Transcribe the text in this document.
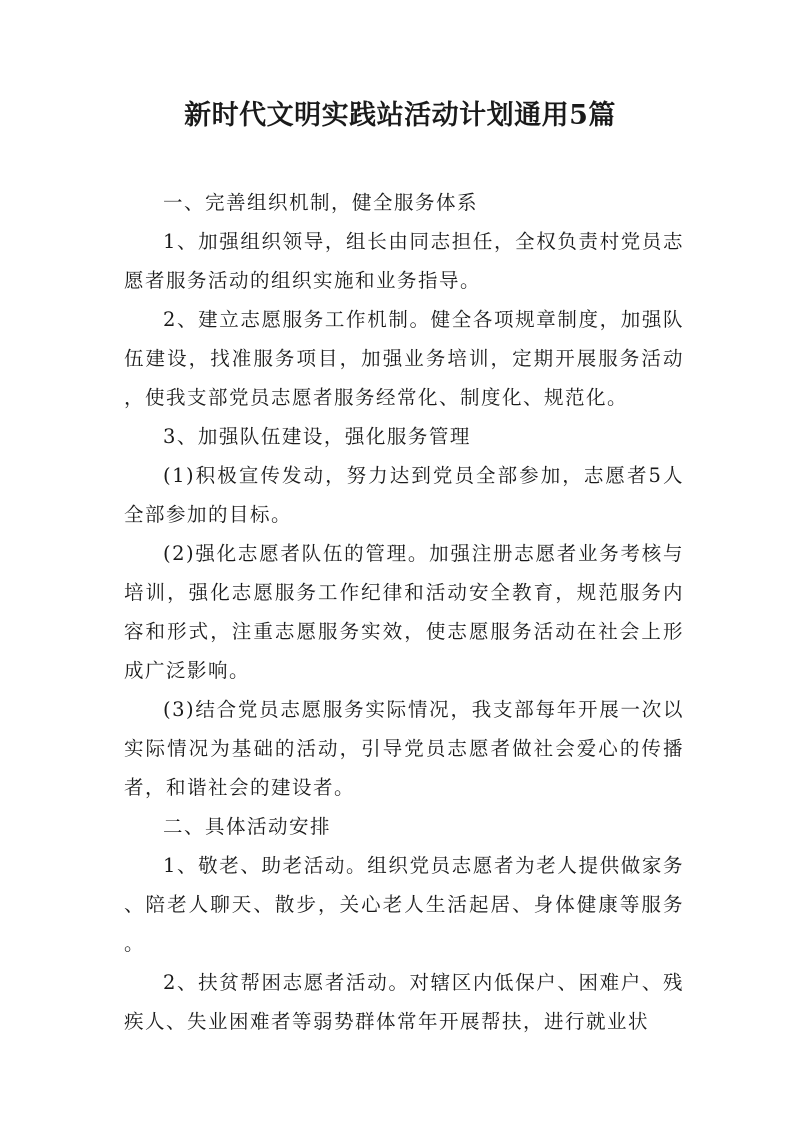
新时代文明实践站活动计划通用5篇

一、完善组织机制，健全服务体系

1、加强组织领导，组长由同志担任，全权负责村党员志愿者服务活动的组织实施和业务指导。

2、建立志愿服务工作机制。健全各项规章制度，加强队伍建设，找准服务项目，加强业务培训，定期开展服务活动，使我支部党员志愿者服务经常化、制度化、规范化。

3、加强队伍建设，强化服务管理

(1)积极宣传发动，努力达到党员全部参加，志愿者5人全部参加的目标。

(2)强化志愿者队伍的管理。加强注册志愿者业务考核与培训，强化志愿服务工作纪律和活动安全教育，规范服务内容和形式，注重志愿服务实效，使志愿服务活动在社会上形成广泛影响。

(3)结合党员志愿服务实际情况，我支部每年开展一次以实际情况为基础的活动，引导党员志愿者做社会爱心的传播者，和谐社会的建设者。

二、具体活动安排

1、敬老、助老活动。组织党员志愿者为老人提供做家务、陪老人聊天、散步，关心老人生活起居、身体健康等服务。

2、扶贫帮困志愿者活动。对辖区内低保户、困难户、残疾人、失业困难者等弱势群体常年开展帮扶，进行就业状
